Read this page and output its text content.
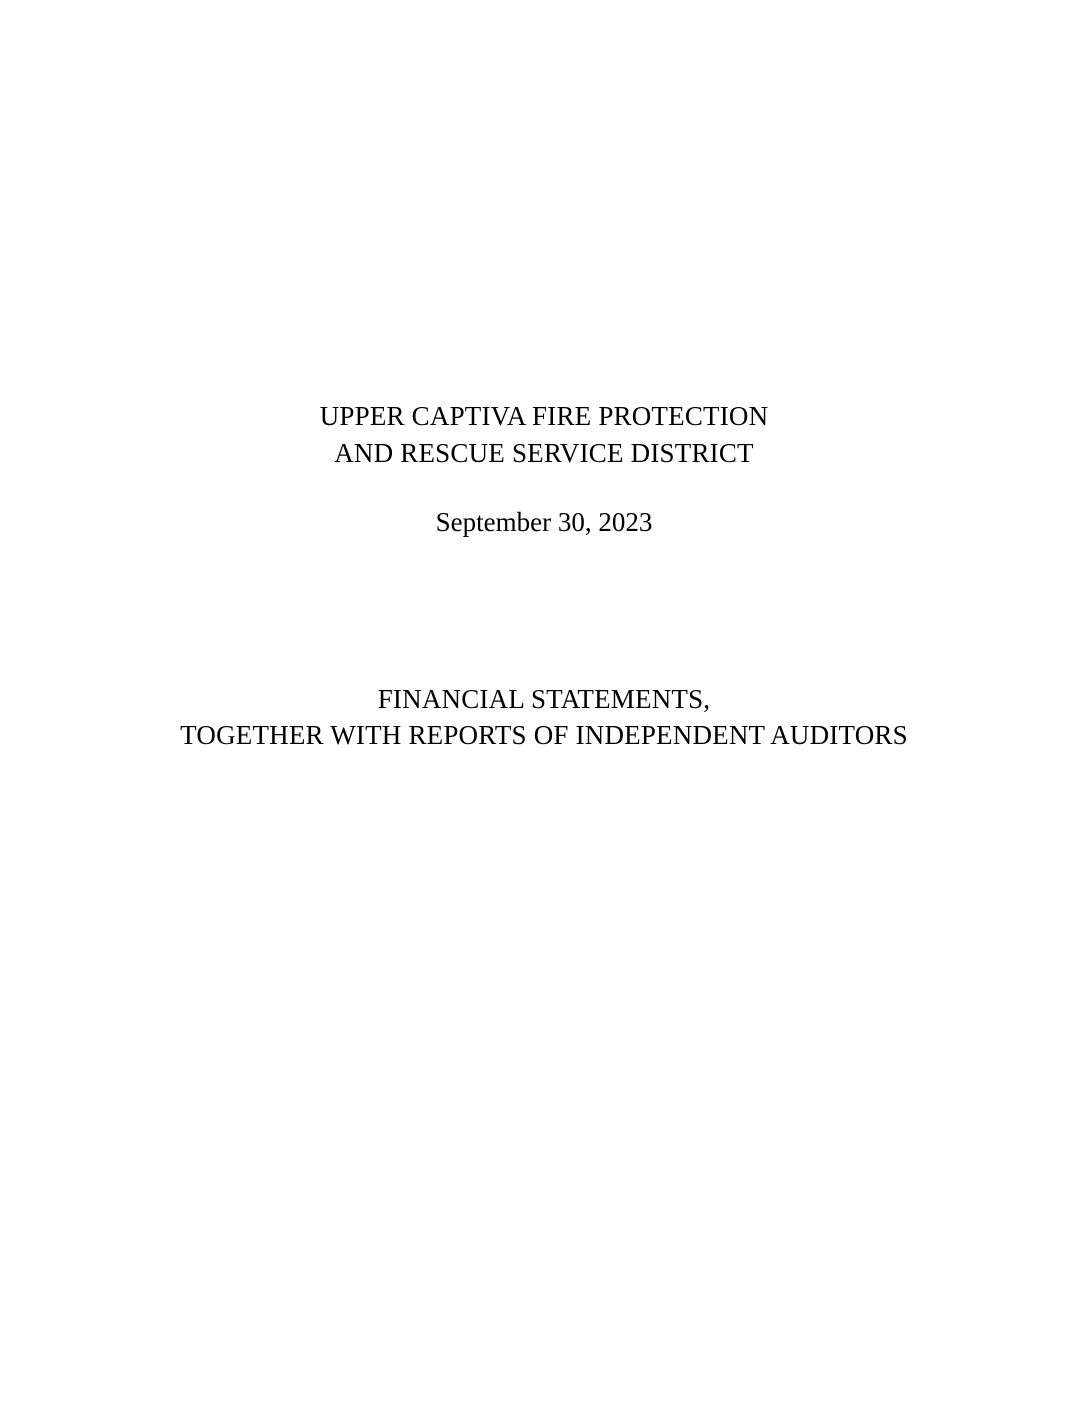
UPPER CAPTIVA FIRE PROTECTION
AND RESCUE SERVICE DISTRICT
September 30, 2023
FINANCIAL STATEMENTS,
TOGETHER WITH REPORTS OF INDEPENDENT AUDITORS
